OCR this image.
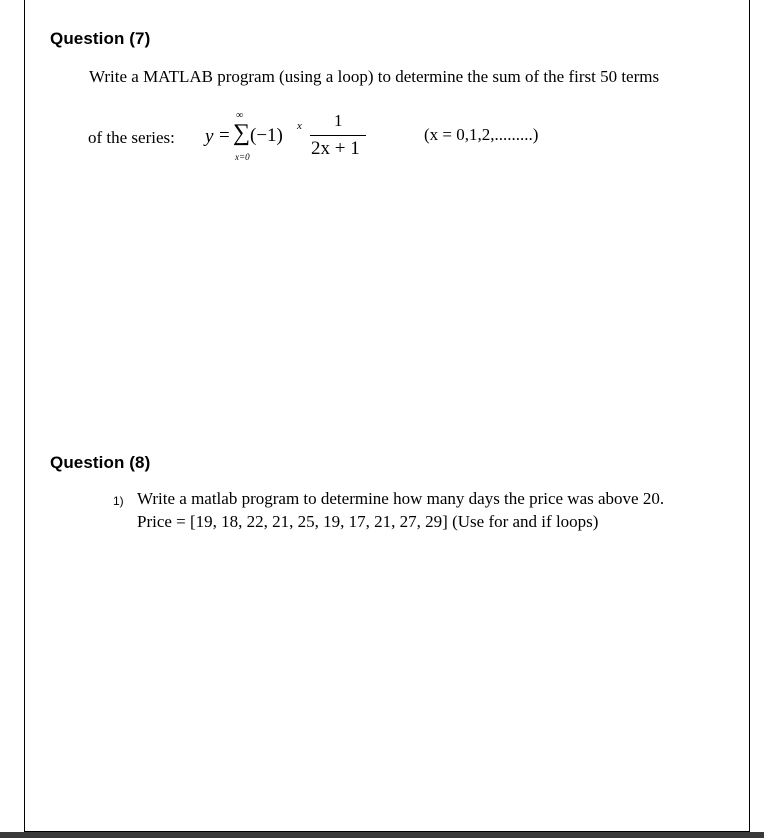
Question (7)
Write a MATLAB program (using a loop) to determine the sum of the first 50 terms
of the series: y =
∞
∑
x=0
(−1) x 1
2x + 1
(x = 0,1,2,.........)
Question (8)
1) Write a matlab program to determine how many days the price was above 20.
Price = [19, 18, 22, 21, 25, 19, 17, 21, 27, 29] (Use for and if loops)
